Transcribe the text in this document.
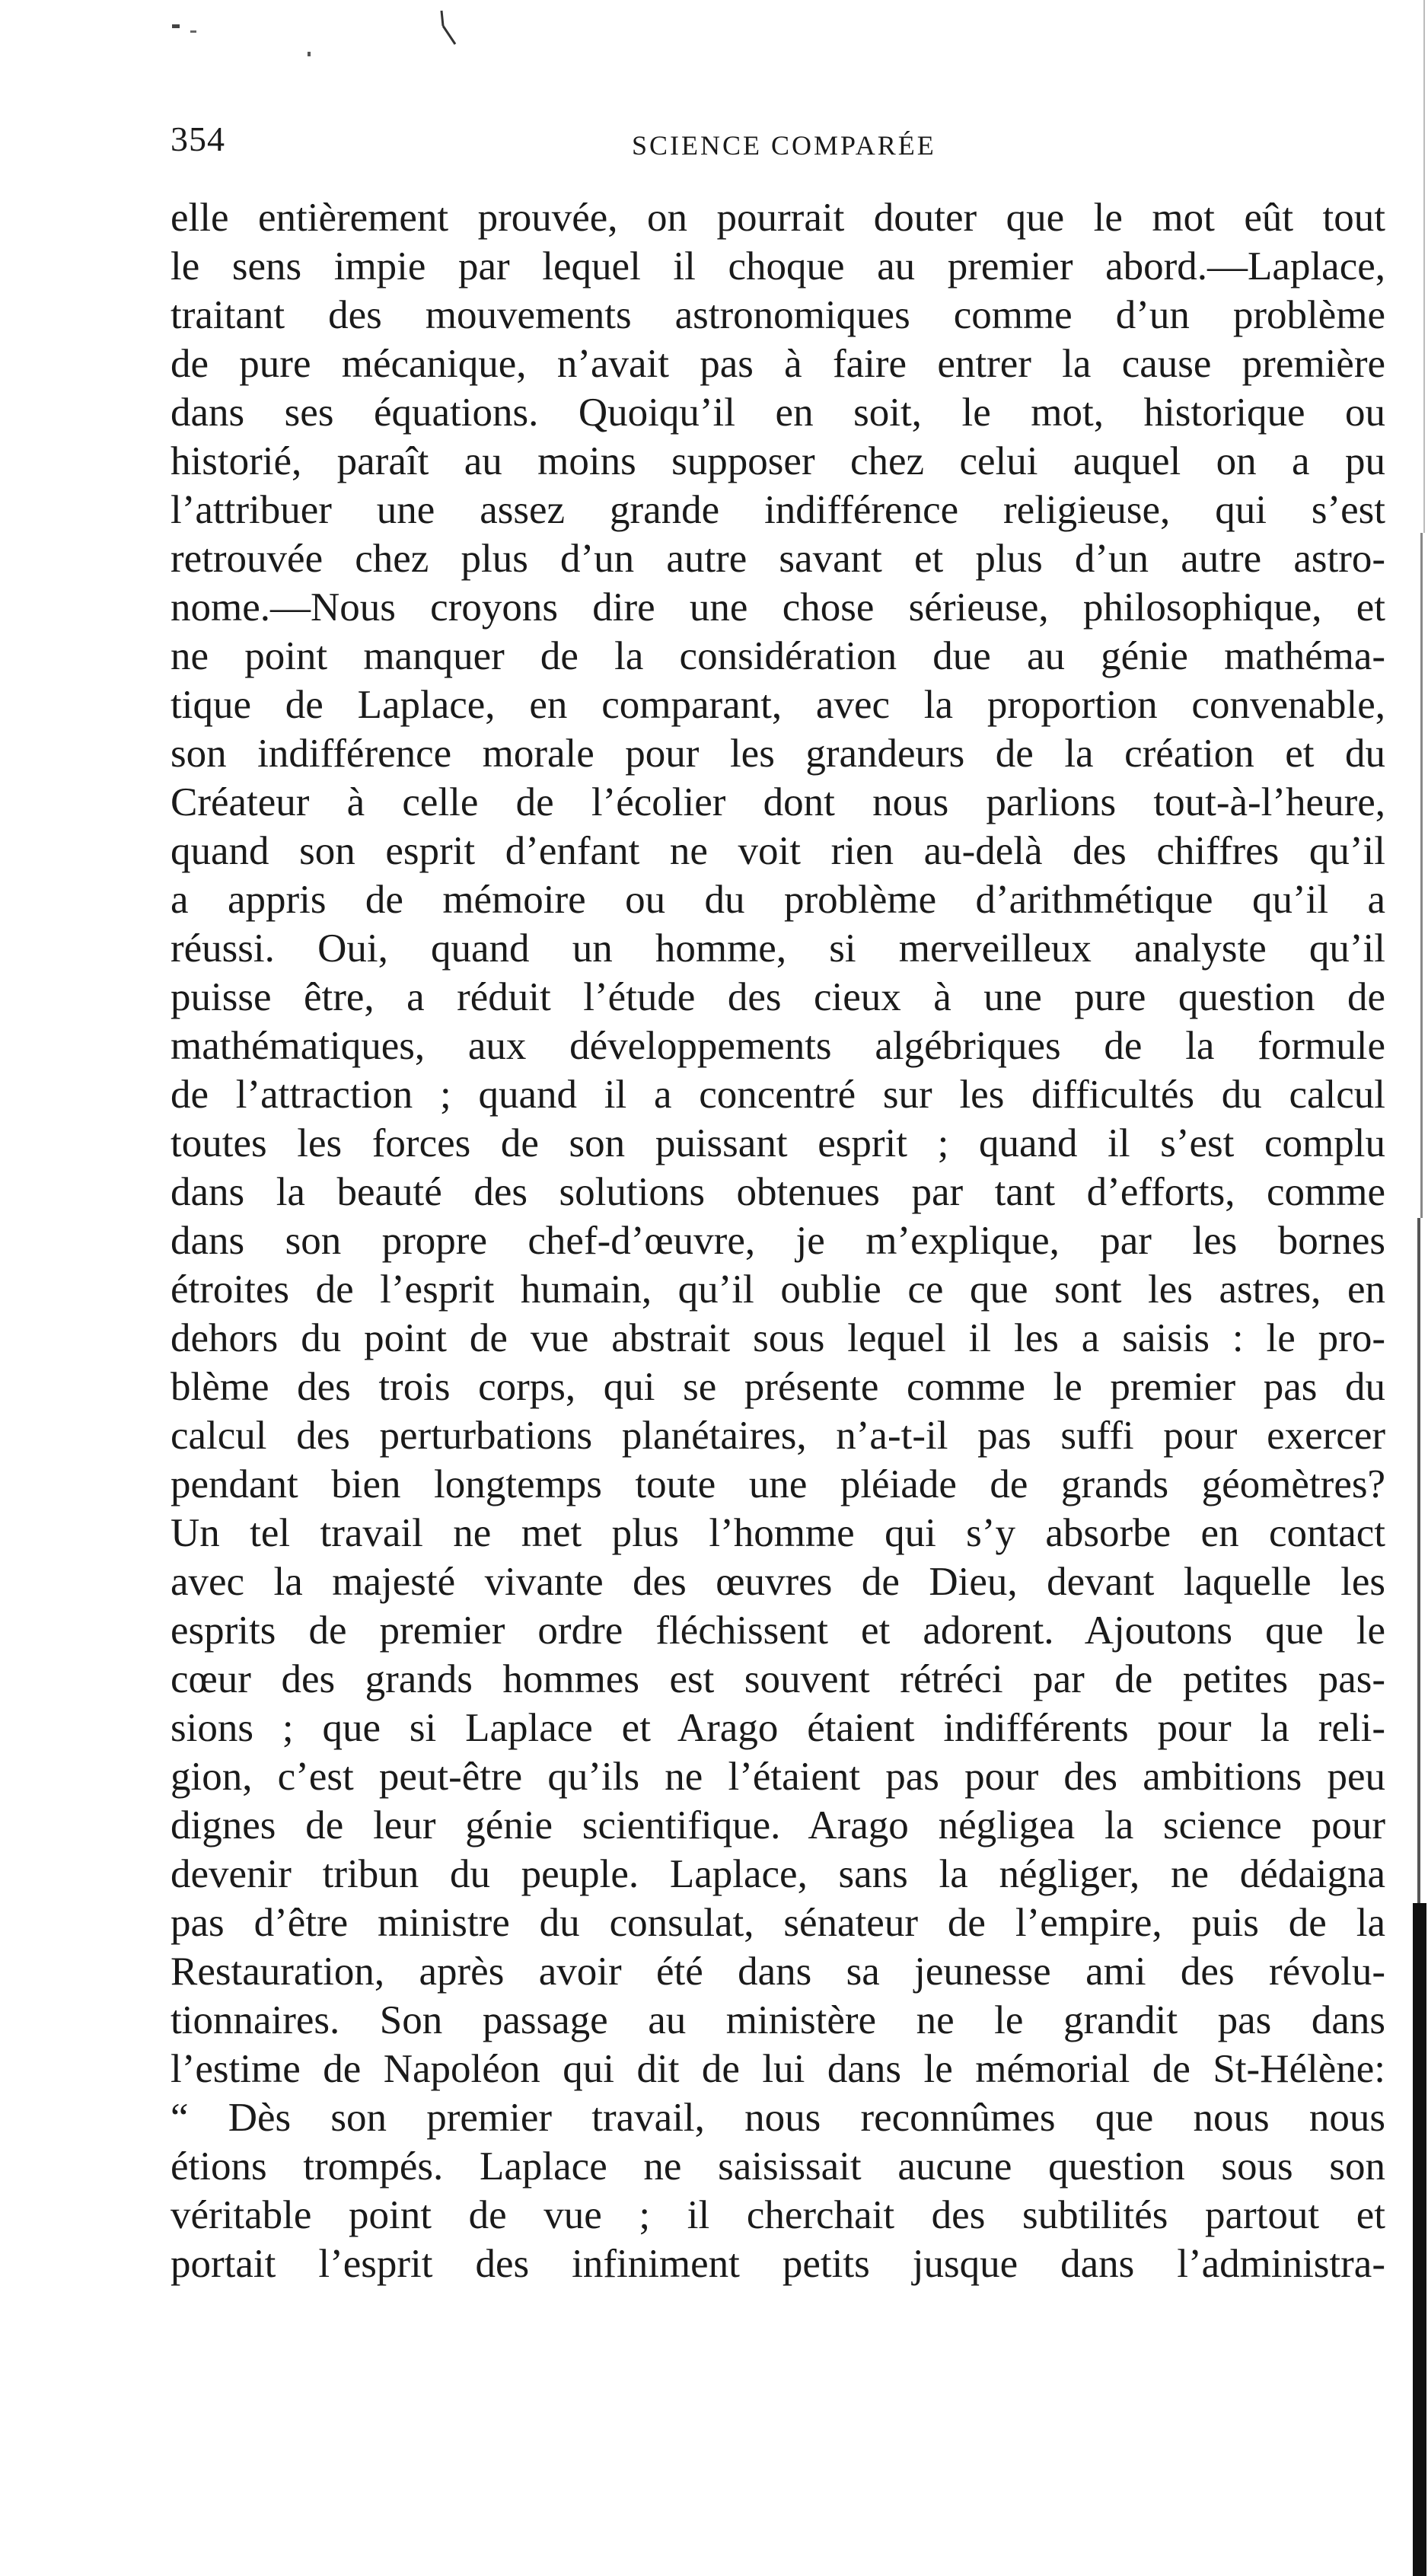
354	SCIENCE COMPARÉE
elle entièrement prouvée, on pourrait douter que le mot eût tout
le sens impie par lequel il choque au premier abord.—Laplace,
traitant des mouvements astronomiques comme d’un problème
de pure mécanique, n’avait pas à faire entrer la cause première
dans ses équations. Quoiqu’il en soit, le mot, historique ou
historié, paraît au moins supposer chez celui auquel on a pu
l’attribuer une assez grande indifférence religieuse, qui s’est
retrouvée chez plus d’un autre savant et plus d’un autre astro-
nome.—Nous croyons dire une chose sérieuse, philosophique, et
ne point manquer de la considération due au génie mathéma-
tique de Laplace, en comparant, avec la proportion convenable,
son indifférence morale pour les grandeurs de la création et du
Créateur à celle de l’écolier dont nous parlions tout-à-l’heure,
quand son esprit d’enfant ne voit rien au-delà des chiffres qu’il
a appris de mémoire ou du problème d’arithmétique qu’il a
réussi. Oui, quand un homme, si merveilleux analyste qu’il
puisse être, a réduit l’étude des cieux à une pure question de
mathématiques, aux développements algébriques de la formule
de l’attraction ; quand il a concentré sur les difficultés du calcul
toutes les forces de son puissant esprit ; quand il s’est complu
dans la beauté des solutions obtenues par tant d’efforts, comme
dans son propre chef-d’œuvre, je m’explique, par les bornes
étroites de l’esprit humain, qu’il oublie ce que sont les astres, en
dehors du point de vue abstrait sous lequel il les a saisis : le pro-
blème des trois corps, qui se présente comme le premier pas du
calcul des perturbations planétaires, n’a-t-il pas suffi pour exercer
pendant bien longtemps toute une pléiade de grands géomètres?
Un tel travail ne met plus l’homme qui s’y absorbe en contact
avec la majesté vivante des œuvres de Dieu, devant laquelle les
esprits de premier ordre fléchissent et adorent. Ajoutons que le
cœur des grands hommes est souvent rétréci par de petites pas-
sions ; que si Laplace et Arago étaient indifférents pour la reli-
gion, c’est peut-être qu’ils ne l’étaient pas pour des ambitions peu
dignes de leur génie scientifique. Arago négligea la science pour
devenir tribun du peuple. Laplace, sans la négliger, ne dédaigna
pas d’être ministre du consulat, sénateur de l’empire, puis de la
Restauration, après avoir été dans sa jeunesse ami des révolu-
tionnaires. Son passage au ministère ne le grandit pas dans
l’estime de Napoléon qui dit de lui dans le mémorial de St-Hélène:
“ Dès son premier travail, nous reconnûmes que nous nous
étions trompés. Laplace ne saisissait aucune question sous son
véritable point de vue ; il cherchait des subtilités partout et
portait l’esprit des infiniment petits jusque dans l’administra-
